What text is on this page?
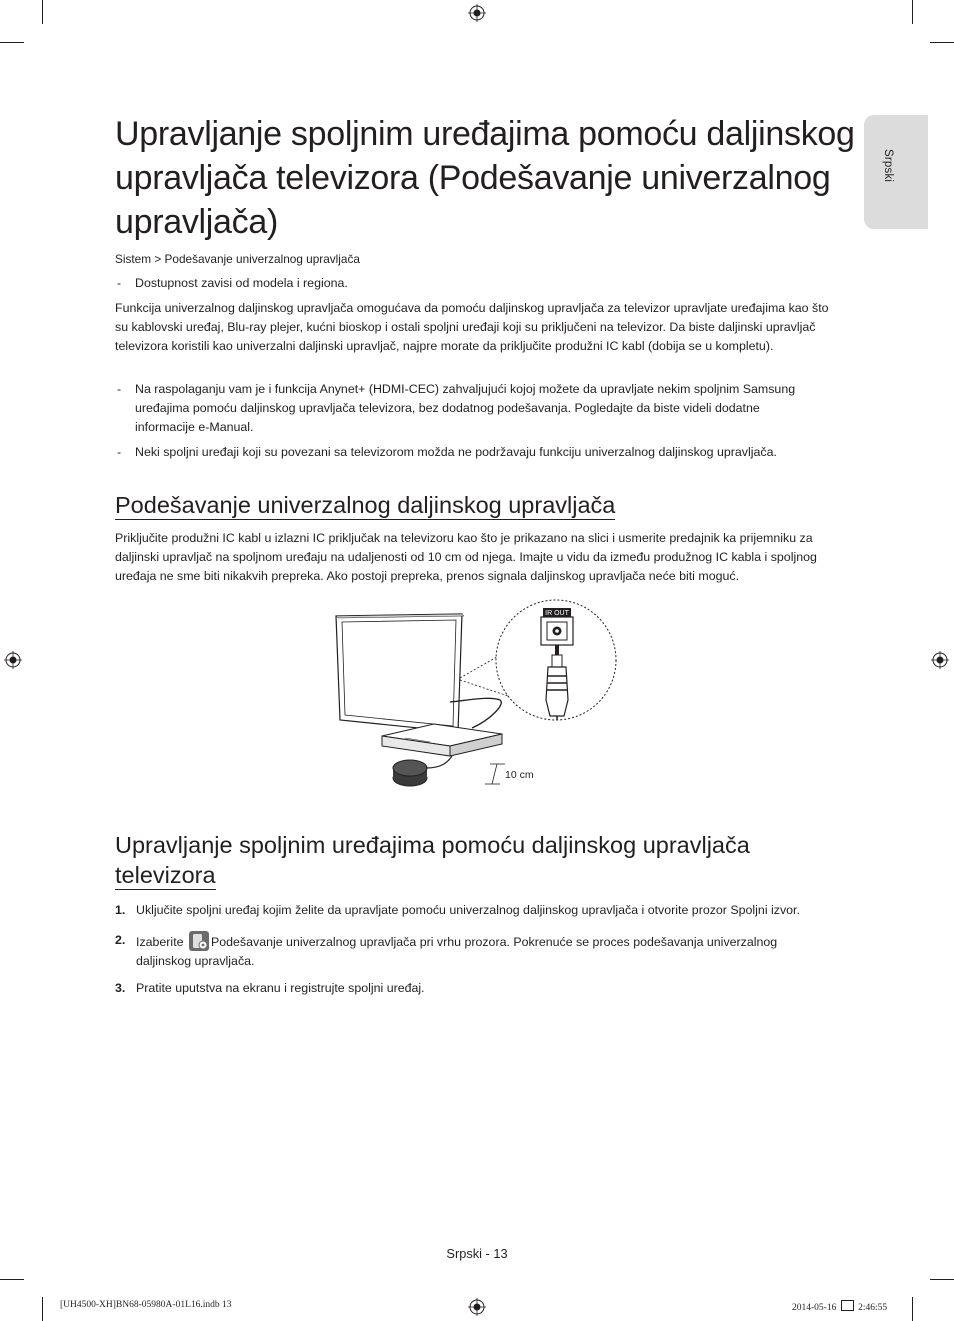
Srpski
Upravljanje spoljnim uređajima pomoću daljinskog upravljača televizora (Podešavanje univerzalnog upravljača)
Sistem > Podešavanje univerzalnog upravljača
- Dostupnost zavisi od modela i regiona.

Funkcija univerzalnog daljinskog upravljača omogućava da pomoću daljinskog upravljača za televizor upravljate uređajima kao što su kablovski uređaj, Blu-ray plejer, kućni bioskop i ostali spoljni uređaji koji su priključeni na televizor. Da biste daljinski upravljač televizora koristili kao univerzalni daljinski upravljač, najpre morate da priključite produžni IC kabl (dobija se u kompletu).

- Na raspolaganju vam je i funkcija Anynet+ (HDMI-CEC) zahvaljujući kojoj možete da upravljate nekim spoljnim Samsung uređajima pomoću daljinskog upravljača televizora, bez dodatnog podešavanja. Pogledajte da biste videli dodatne informacije e-Manual.
- Neki spoljni uređaji koji su povezani sa televizorom možda ne podržavaju funkciju univerzalnog daljinskog upravljača.
Podešavanje univerzalnog daljinskog upravljača

Priključite produžni IC kabl u izlazni IC priključak na televizoru kao što je prikazano na slici i usmerite predajnik ka prijemniku za daljinski upravljač na spoljnom uređaju na udaljenosti od 10 cm od njega. Imajte u vidu da između produžnog IC kabla i spoljnog uređaja ne sme biti nikakvih prepreka. Ako postoji prepreka, prenos signala daljinskog upravljača neće biti moguć.

IR OUT
10 cm
Upravljanje spoljnim uređajima pomoću daljinskog upravljača
televizora
1. Uključite spoljni uređaj kojim želite da upravljate pomoću univerzalnog daljinskog upravljača i otvorite prozor Spoljni izvor.
2. Izaberite Podešavanje univerzalnog upravljača pri vrhu prozora. Pokrenuće se proces podešavanja univerzalnog daljinskog upravljača.
3. Pratite uputstva na ekranu i registrujte spoljni uređaj.
Srpski - 13
[UH4500-XH]BN68-05980A-01L16.indb 13	2014-05-16 2:46:55
